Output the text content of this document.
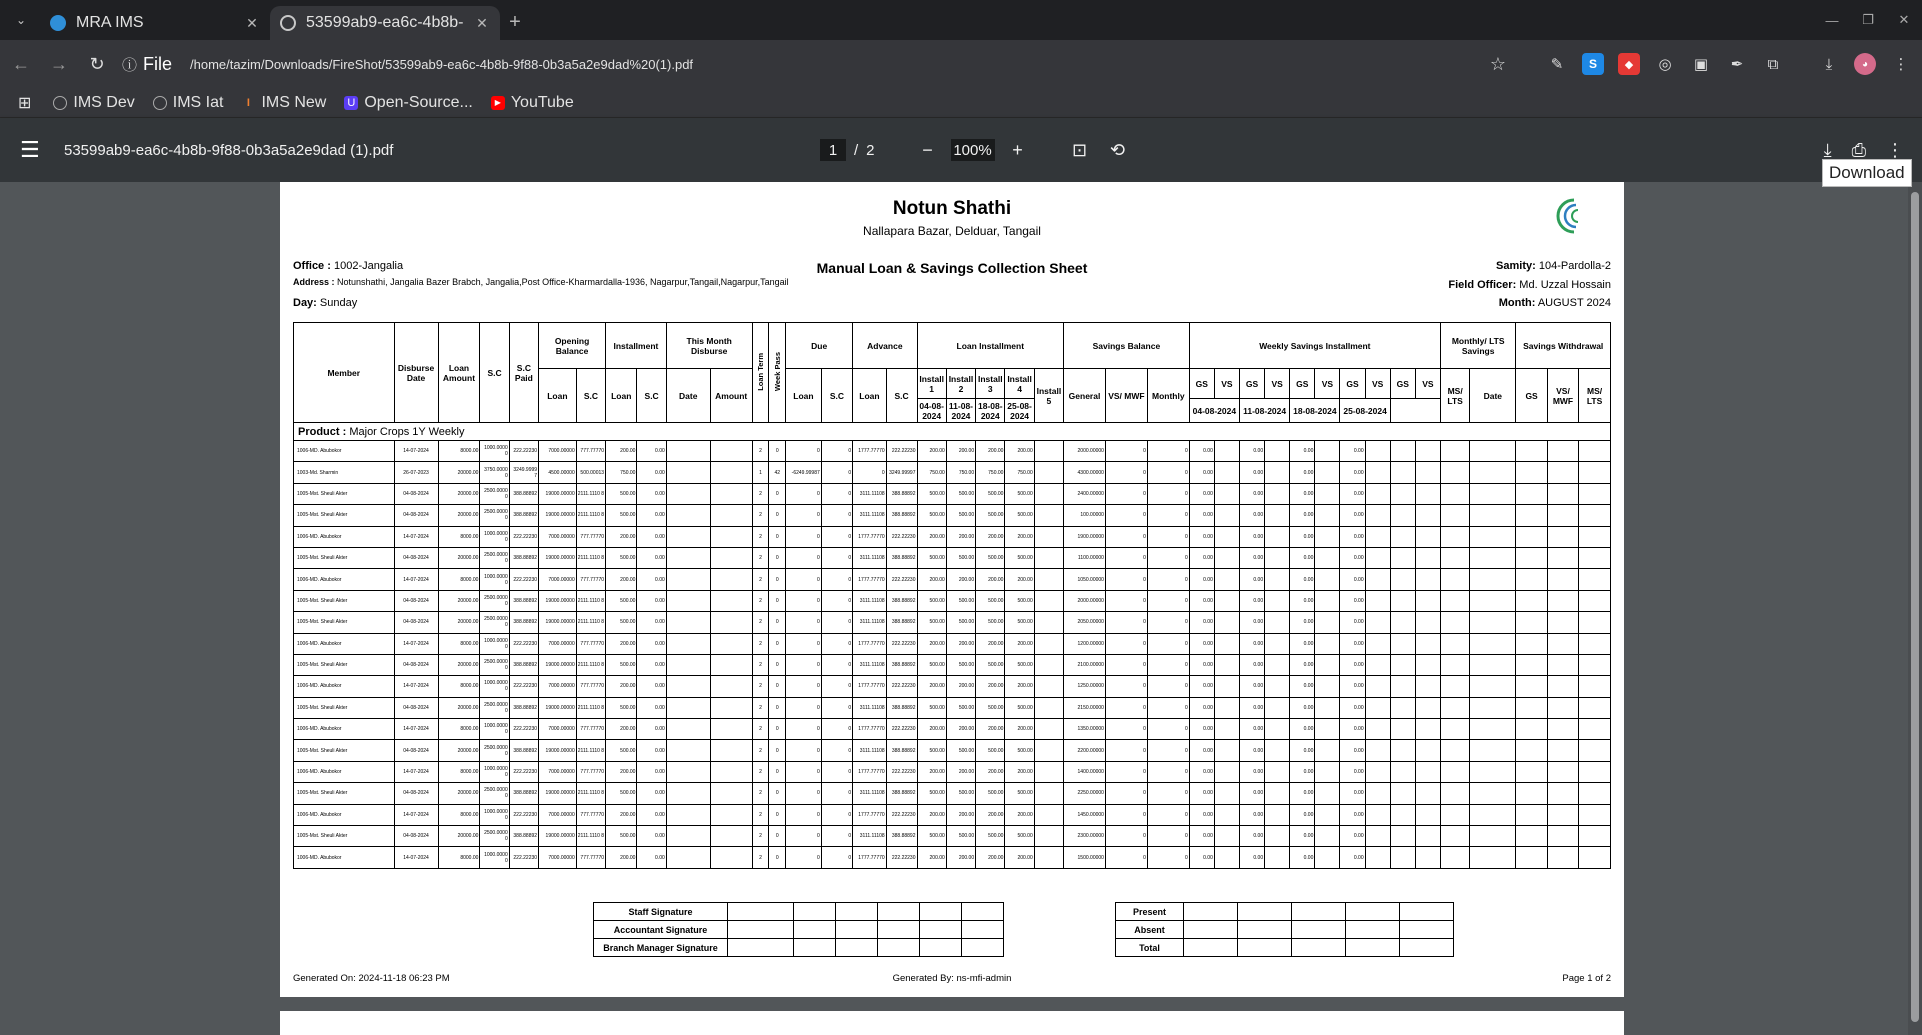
⌄	MRA IMS	✕	53599ab9-ea6c-4b8b- ✕	+	—	❐	✕
← → ↻ ⓘ File /home/tazim/Downloads/FireShot/53599ab9-ea6c-4b8b-9f88-0b3a5a2e9dad%20(1).pdf	☆	✎	S	◆	◎ ▣	✒	⧉	⤓	◕	⋮
⊞	IMS Dev IMS Iat	I IMS New U Open-Source...	▶ YouTube
☰	53599ab9-ea6c-4b8b-9f88-0b3a5a2e9dad (1).pdf	1	/ 2	−	100%	+	⊡	⟲	⤓ ⎙ ⋮
Download
Notun Shathi
Nallapara Bazar, Delduar, Tangail
Office : 1002-Jangalia
Address : Notunshathi, Jangalia Bazer Brabch, Jangalia,Post Office-Kharmardalla-1936, Nagarpur,Tangail,Nagarpur,Tangail
Day: Sunday
Manual Loan & Savings Collection Sheet	Samity: 104-Pardolla-2
Field Officer: Md. Uzzal Hossain
Month: AUGUST 2024
Member	Disburse Date	Loan Amount	S.C	S.C Paid	Opening Balance		Installment		This Month Disburse		Loan Term	Week Pass	Due		Advance		Loan Installment					Savings Balance			Weekly Savings Installment										Monthly/ LTS Savings		Savings Withdrawal		
					Loan	S.C	Loan	S.C	Date	Amount			Loan	S.C	Loan	S.C	Install 1	Install 2	Install 3	Install 4	Install 5	General	VS/ MWF	Monthly	GS	VS	GS	VS	GS	VS	GS	VS	GS	VS	MS/ LTS	Date	GS	VS/ MWF	MS/ LTS
																	04-08-2024	11-08-2024	18-08-2024	25-08-2024					04-08-2024		11-08-2024		18-08-2024		25-08-2024								
Product : Major Crops 1Y Weekly																																							
1006-MD. Abubokor	14-07-2024	8000.00	1000.0000 0	222.22230	7000.00000	777.77770	200.00	0.00			2	0	0	0	1777.77770	222.22230	200.00	200.00	200.00	200.00		2000.00000	0	0	0.00		0.00		0.00		0.00								
1003-Md. Sharmin	26-07-2023	20000.00	3750.0000 0	3249.9999 7	4500.00000	500.00013	750.00	0.00			1	42	-6249.99987	0	0	3249.99997	750.00	750.00	750.00	750.00		4300.00000	0	0	0.00		0.00		0.00		0.00								
1005-Mst. Sheuli Akter	04-08-2024	20000.00	2500.0000 0	388.88892	19000.00000	2111.1110 8	500.00	0.00			2	0	0	0	3111.11108	388.88892	500.00	500.00	500.00	500.00		2400.00000	0	0	0.00		0.00		0.00		0.00								
1005-Mst. Sheuli Akter	04-08-2024	20000.00	2500.0000 0	388.88892	19000.00000	2111.1110 8	500.00	0.00			2	0	0	0	3111.11108	388.88892	500.00	500.00	500.00	500.00		100.00000	0	0	0.00		0.00		0.00		0.00								
1006-MD. Abubokor	14-07-2024	8000.00	1000.0000 0	222.22230	7000.00000	777.77770	200.00	0.00			2	0	0	0	1777.77770	222.22230	200.00	200.00	200.00	200.00		1900.00000	0	0	0.00		0.00		0.00		0.00								
1005-Mst. Sheuli Akter	04-08-2024	20000.00	2500.0000 0	388.88892	19000.00000	2111.1110 8	500.00	0.00			2	0	0	0	3111.11108	388.88892	500.00	500.00	500.00	500.00		1100.00000	0	0	0.00		0.00		0.00		0.00								
1006-MD. Abubokor	14-07-2024	8000.00	1000.0000 0	222.22230	7000.00000	777.77770	200.00	0.00			2	0	0	0	1777.77770	222.22230	200.00	200.00	200.00	200.00		1050.00000	0	0	0.00		0.00		0.00		0.00								
1005-Mst. Sheuli Akter	04-08-2024	20000.00	2500.0000 0	388.88892	19000.00000	2111.1110 8	500.00	0.00			2	0	0	0	3111.11108	388.88892	500.00	500.00	500.00	500.00		2000.00000	0	0	0.00		0.00		0.00		0.00								
1005-Mst. Sheuli Akter	04-08-2024	20000.00	2500.0000 0	388.88892	19000.00000	2111.1110 8	500.00	0.00			2	0	0	0	3111.11108	388.88892	500.00	500.00	500.00	500.00		2050.00000	0	0	0.00		0.00		0.00		0.00								
1006-MD. Abubokor	14-07-2024	8000.00	1000.0000 0	222.22230	7000.00000	777.77770	200.00	0.00			2	0	0	0	1777.77770	222.22230	200.00	200.00	200.00	200.00		1200.00000	0	0	0.00		0.00		0.00		0.00								
1005-Mst. Sheuli Akter	04-08-2024	20000.00	2500.0000 0	388.88892	19000.00000	2111.1110 8	500.00	0.00			2	0	0	0	3111.11108	388.88892	500.00	500.00	500.00	500.00		2100.00000	0	0	0.00		0.00		0.00		0.00								
1006-MD. Abubokor	14-07-2024	8000.00	1000.0000 0	222.22230	7000.00000	777.77770	200.00	0.00			2	0	0	0	1777.77770	222.22230	200.00	200.00	200.00	200.00		1250.00000	0	0	0.00		0.00		0.00		0.00								
1005-Mst. Sheuli Akter	04-08-2024	20000.00	2500.0000 0	388.88892	19000.00000	2111.1110 8	500.00	0.00			2	0	0	0	3111.11108	388.88892	500.00	500.00	500.00	500.00		2150.00000	0	0	0.00		0.00		0.00		0.00								
1006-MD. Abubokor	14-07-2024	8000.00	1000.0000 0	222.22230	7000.00000	777.77770	200.00	0.00			2	0	0	0	1777.77770	222.22230	200.00	200.00	200.00	200.00		1350.00000	0	0	0.00		0.00		0.00		0.00								
1005-Mst. Sheuli Akter	04-08-2024	20000.00	2500.0000 0	388.88892	19000.00000	2111.1110 8	500.00	0.00			2	0	0	0	3111.11108	388.88892	500.00	500.00	500.00	500.00		2200.00000	0	0	0.00		0.00		0.00		0.00								
1006-MD. Abubokor	14-07-2024	8000.00	1000.0000 0	222.22230	7000.00000	777.77770	200.00	0.00			2	0	0	0	1777.77770	222.22230	200.00	200.00	200.00	200.00		1400.00000	0	0	0.00		0.00		0.00		0.00								
1005-Mst. Sheuli Akter	04-08-2024	20000.00	2500.0000 0	388.88892	19000.00000	2111.1110 8	500.00	0.00			2	0	0	0	3111.11108	388.88892	500.00	500.00	500.00	500.00		2250.00000	0	0	0.00		0.00		0.00		0.00								
1006-MD. Abubokor	14-07-2024	8000.00	1000.0000 0	222.22230	7000.00000	777.77770	200.00	0.00			2	0	0	0	1777.77770	222.22230	200.00	200.00	200.00	200.00		1450.00000	0	0	0.00		0.00		0.00		0.00								
1005-Mst. Sheuli Akter	04-08-2024	20000.00	2500.0000 0	388.88892	19000.00000	2111.1110 8	500.00	0.00			2	0	0	0	3111.11108	388.88892	500.00	500.00	500.00	500.00		2300.00000	0	0	0.00		0.00		0.00		0.00								
1006-MD. Abubokor	14-07-2024	8000.00	1000.0000 0	222.22230	7000.00000	777.77770	200.00	0.00			2	0	0	0	1777.77770	222.22230	200.00	200.00	200.00	200.00		1500.00000	0	0	0.00		0.00		0.00		0.00								
Staff Signature						
Accountant Signature						
Branch Manager Signature						
Present					
Absent					
Total					
Generated On: 2024-11-18 06:23 PM	Generated By: ns-mfi-admin	Page 1 of 2
